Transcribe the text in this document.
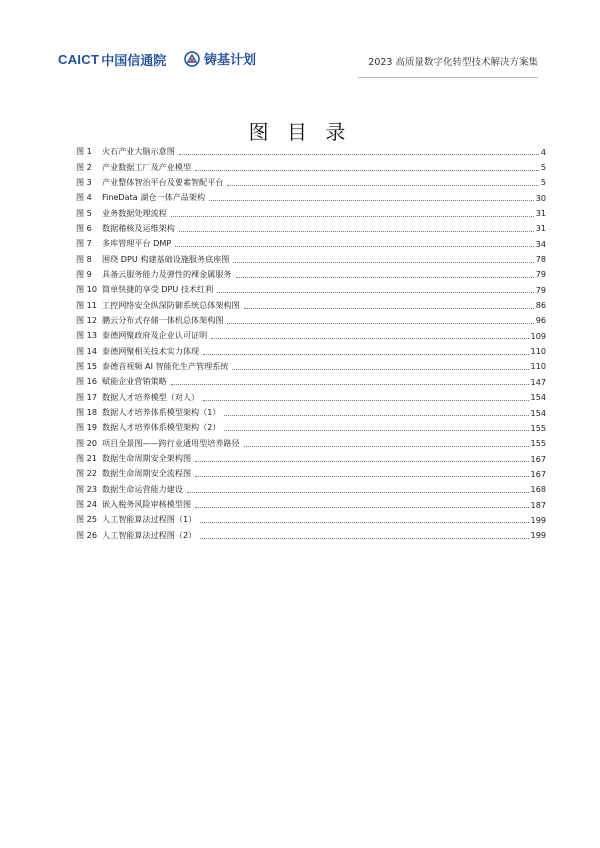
CAICT 中国信通院	铸基计划	2023 高质量数字化转型技术解决方案集
图 目 录
图 1	火石产业大脑示意图	4
图 2	产业数据工厂及产业模型	5
图 3	产业整体智治平台及要素智配平台	5
图 4	FineData 湖仓一体产品架构	30
图 5	业务数据处理流程	31
图 6	数据稽核及运维架构	31
图 7	多库管理平台 DMP	34
图 8	围绕 DPU 构建基础设施服务底座图	78
图 9	具备云服务能力及弹性的裸金属服务	79
图 10 简单快捷的享受 DPU 技术红利	79
图 11 工控网络安全纵深防御系统总体架构图	86
图 12 鹏云分布式存储一体机总体架构图	96
图 13 泰德网聚政府及企业认可证明	109
图 14 泰德网聚相关技术实力体现	110
图 15 泰德音视频 AI 智能化生产管理系统	110
图 16 赋能企业营销策略	147
图 17 数据人才培养模型（对人）	154
图 18 数据人才培养体系模型架构（1）	154
图 19 数据人才培养体系模型架构（2）	155
图 20 项目全景图——跨行业通用型培养路径	155
图 21 数据生命周期安全架构图	167
图 22 数据生命周期安全流程图	167
图 23 数据生命运营能力建设	168
图 24 嵌入税务风险审核模型图	187
图 25 人工智能算法过程图（1）	199
图 26 人工智能算法过程图（2）	199
